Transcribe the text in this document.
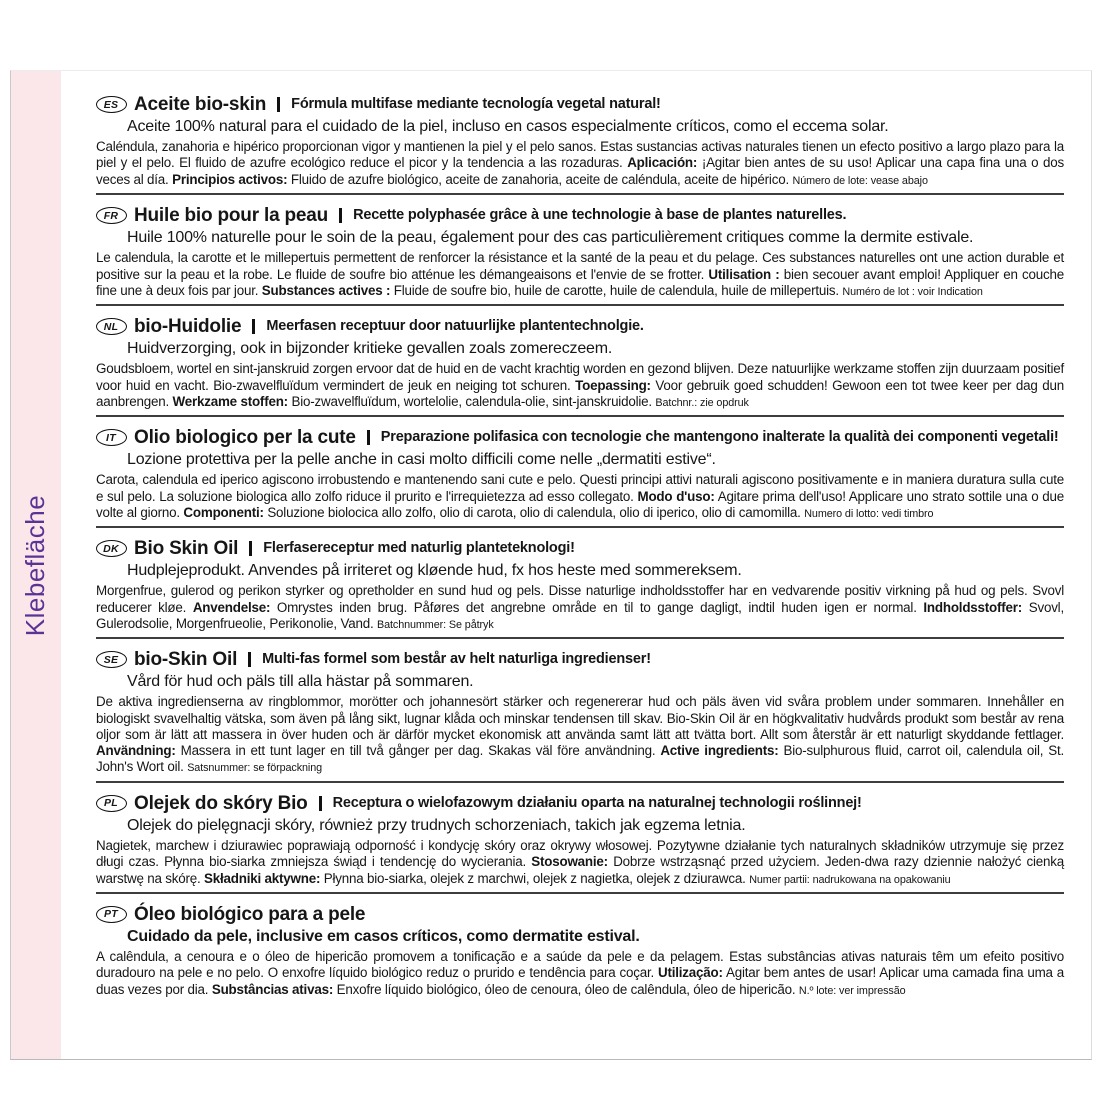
Klebefläche
ES Aceite bio-skin Fórmula multifase mediante tecnología vegetal natural!
Aceite 100% natural para el cuidado de la piel, incluso en casos especialmente críticos, como el eccema solar.

Caléndula, zanahoria e hipérico proporcionan vigor y mantienen la piel y el pelo sanos. Estas sustancias activas naturales tienen un efecto positivo a largo plazo para la piel y el pelo. El fluido de azufre ecológico reduce el picor y la tendencia a las rozaduras. Aplicación: ¡Agitar bien antes de su uso! Aplicar una capa fina una o dos veces al día. Principios activos: Fluido de azufre biológico, aceite de zanahoria, aceite de caléndula, aceite de hipérico. Número de lote: vease abajo

FR Huile bio pour la peau Recette polyphasée grâce à une technologie à base de plantes naturelles.
Huile 100% naturelle pour le soin de la peau, également pour des cas particulièrement critiques comme la dermite estivale.

Le calendula, la carotte et le millepertuis permettent de renforcer la résistance et la santé de la peau et du pelage. Ces substances naturelles ont une action durable et positive sur la peau et la robe. Le fluide de soufre bio atténue les démangeaisons et l'envie de se frotter. Utilisation : bien secouer avant emploi! Appliquer en couche fine une à deux fois par jour. Substances actives : Fluide de soufre bio, huile de carotte, huile de calendula, huile de millepertuis. Numéro de lot : voir Indication

NL bio-Huidolie Meerfasen receptuur door natuurlijke plantentechnolgie.
Huidverzorging, ook in bijzonder kritieke gevallen zoals zomereczeem.

Goudsbloem, wortel en sint-janskruid zorgen ervoor dat de huid en de vacht krachtig worden en gezond blijven. Deze natuurlijke werkzame stoffen zijn duurzaam positief voor huid en vacht. Bio-zwavelfluïdum vermindert de jeuk en neiging tot schuren. Toepassing: Voor gebruik goed schudden! Gewoon een tot twee keer per dag dun aanbrengen. Werkzame stoffen: Bio-zwavelfluïdum, wortelolie, calendula-olie, sint-janskruidolie. Batchnr.: zie opdruk

IT Olio biologico per la cute Preparazione polifasica con tecnologie che mantengono inalterate la qualità dei componenti vegetali!
Lozione protettiva per la pelle anche in casi molto difficili come nelle „dermatiti estive“.

Carota, calendula ed iperico agiscono irrobustendo e mantenendo sani cute e pelo. Questi principi attivi naturali agiscono positivamente e in maniera duratura sulla cute e sul pelo. La soluzione biologica allo zolfo riduce il prurito e l'irrequietezza ad esso collegato. Modo d'uso: Agitare prima dell'uso! Applicare uno strato sottile una o due volte al giorno. Componenti: Soluzione biolocica allo zolfo, olio di carota, olio di calendula, olio di iperico, olio di camomilla. Numero di lotto: vedi timbro

DK Bio Skin Oil Flerfasereceptur med naturlig planteteknologi!
Hudplejeprodukt. Anvendes på irriteret og kløende hud, fx hos heste med sommereksem.

Morgenfrue, gulerod og perikon styrker og opretholder en sund hud og pels. Disse naturlige indholdsstoffer har en vedvarende positiv virkning på hud og pels. Svovl reducerer kløe. Anvendelse: Omrystes inden brug. Påføres det angrebne område en til to gange dagligt, indtil huden igen er normal. Indholdsstoffer: Svovl, Gulerodsolie, Morgenfrueolie, Perikonolie, Vand. Batchnummer: Se påtryk

SE bio-Skin Oil Multi-fas formel som består av helt naturliga ingredienser!
Vård för hud och päls till alla hästar på sommaren.

De aktiva ingredienserna av ringblommor, morötter och johannesört stärker och regenererar hud och päls även vid svåra problem under sommaren. Innehåller en biologiskt svavelhaltig vätska, som även på lång sikt, lugnar klåda och minskar tendensen till skav. Bio-Skin Oil är en högkvalitativ hudvårds produkt som består av rena oljor som är lätt att massera in över huden och är därför mycket ekonomisk att använda samt lätt att tvätta bort. Allt som återstår är ett naturligt skyddande fettlager. Användning: Massera in ett tunt lager en till två gånger per dag. Skakas väl före användning. Active ingredients: Bio-sulphurous fluid, carrot oil, calendula oil, St. John's Wort oil. Satsnummer: se förpackning

PL Olejek do skóry Bio Receptura o wielofazowym działaniu oparta na naturalnej technologii roślinnej!
Olejek do pielęgnacji skóry, również przy trudnych schorzeniach, takich jak egzema letnia.

Nagietek, marchew i dziurawiec poprawiają odporność i kondycję skóry oraz okrywy włosowej. Pozytywne działanie tych naturalnych składników utrzymuje się przez długi czas. Płynna bio-siarka zmniejsza świąd i tendencję do wycierania. Stosowanie: Dobrze wstrząsnąć przed użyciem. Jeden-dwa razy dziennie nałożyć cienką warstwę na skórę. Składniki aktywne: Płynna bio-siarka, olejek z marchwi, olejek z nagietka, olejek z dziurawca. Numer partii: nadrukowana na opakowaniu

PT Óleo biológico para a pele
Cuidado da pele, inclusive em casos críticos, como dermatite estival.

A calêndula, a cenoura e o óleo de hipericão promovem a tonificação e a saúde da pele e da pelagem. Estas substâncias ativas naturais têm um efeito positivo duradouro na pele e no pelo. O enxofre líquido biológico reduz o prurido e tendência para coçar. Utilização: Agitar bem antes de usar! Aplicar uma camada fina uma a duas vezes por dia. Substâncias ativas: Enxofre líquido biológico, óleo de cenoura, óleo de calêndula, óleo de hipericão. N.º lote: ver impressão
